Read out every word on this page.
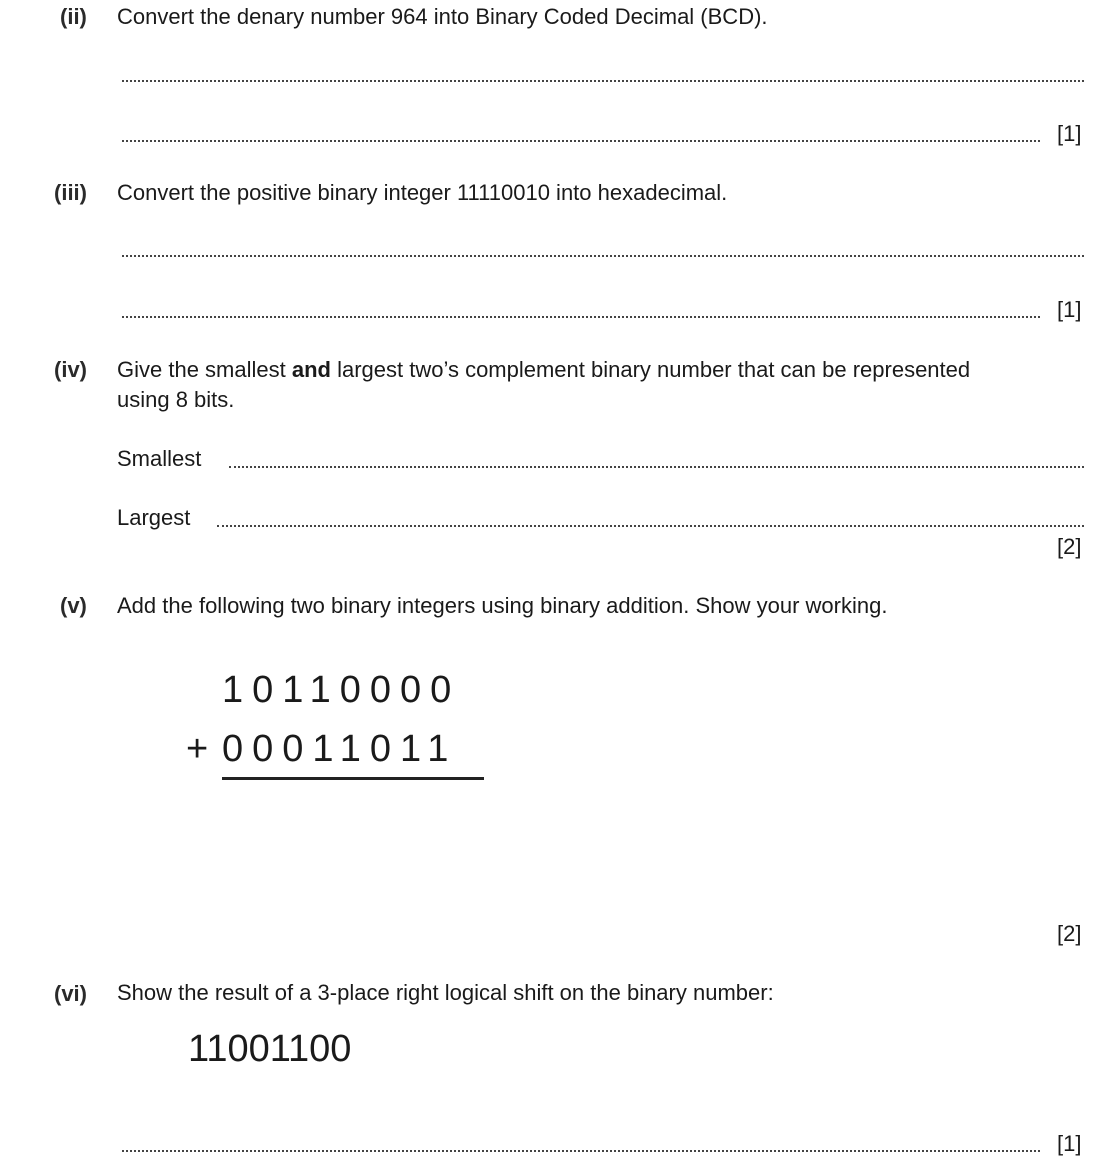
(ii) Convert the denary number 964 into Binary Coded Decimal (BCD).
[1]
(iii) Convert the positive binary integer 11110010 into hexadecimal.
[1]
(iv) Give the smallest and largest two’s complement binary number that can be represented
using 8 bits.
Smallest
Largest
[2]
(v) Add the following two binary integers using binary addition. Show your working.
10110000
+ 00011011
[2]
(vi) Show the result of a 3-place right logical shift on the binary number:
11001100
[1]
